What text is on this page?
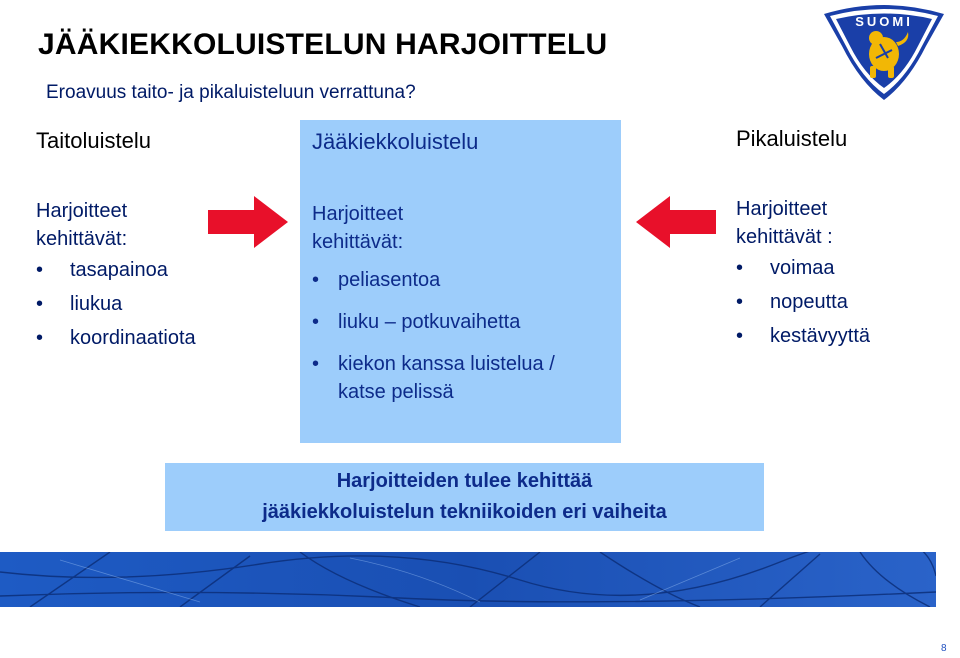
JÄÄKIEKKOLUISTELUN HARJOITTELU
Eroavuus taito- ja pikaluisteluun verrattuna?
SUOMI
Taitoluistelu	Jääkiekkoluistelu	Pikaluistelu
Harjoitteet
kehittävät:
• tasapainoa
• liukua
• koordinaatiota
Harjoitteet
kehittävät:
• peliasentoa
• liuku – potkuvaihetta
• kiekon kanssa luistelua /
katse pelissä
Harjoitteet
kehittävät :
• voimaa
• nopeutta
• kestävyyttä
Harjoitteiden tulee kehittää
jääkiekkoluistelun tekniikoiden eri vaiheita
8
